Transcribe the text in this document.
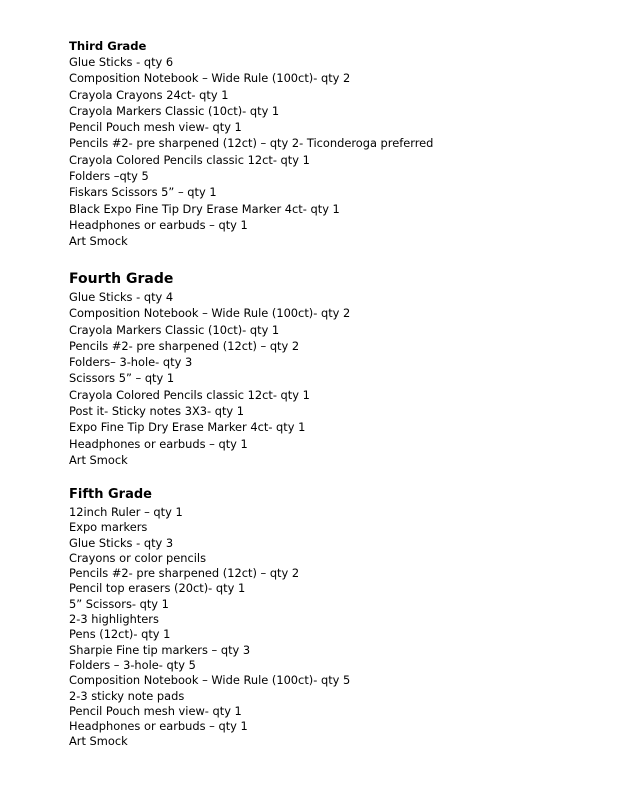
Third Grade
Glue Sticks - qty 6
Composition Notebook – Wide Rule (100ct)- qty 2
Crayola Crayons 24ct- qty 1
Crayola Markers Classic (10ct)- qty 1
Pencil Pouch mesh view- qty 1
Pencils #2- pre sharpened (12ct) – qty 2- Ticonderoga preferred
Crayola Colored Pencils classic 12ct- qty 1
Folders –qty 5
Fiskars Scissors 5” – qty 1
Black Expo Fine Tip Dry Erase Marker 4ct- qty 1
Headphones or earbuds – qty 1
Art Smock
Fourth Grade
Glue Sticks - qty 4
Composition Notebook – Wide Rule (100ct)- qty 2
Crayola Markers Classic (10ct)- qty 1
Pencils #2- pre sharpened (12ct) – qty 2
Folders– 3-hole- qty 3
Scissors 5” – qty 1
Crayola Colored Pencils classic 12ct- qty 1
Post it- Sticky notes 3X3- qty 1
Expo Fine Tip Dry Erase Marker 4ct- qty 1
Headphones or earbuds – qty 1
Art Smock
Fifth Grade
12inch Ruler – qty 1
Expo markers
Glue Sticks - qty 3
Crayons or color pencils
Pencils #2- pre sharpened (12ct) – qty 2
Pencil top erasers (20ct)- qty 1
5” Scissors- qty 1
2-3 highlighters
Pens (12ct)- qty 1
Sharpie Fine tip markers – qty 3
Folders – 3-hole- qty 5
Composition Notebook – Wide Rule (100ct)- qty 5
2-3 sticky note pads
Pencil Pouch mesh view- qty 1
Headphones or earbuds – qty 1
Art Smock
